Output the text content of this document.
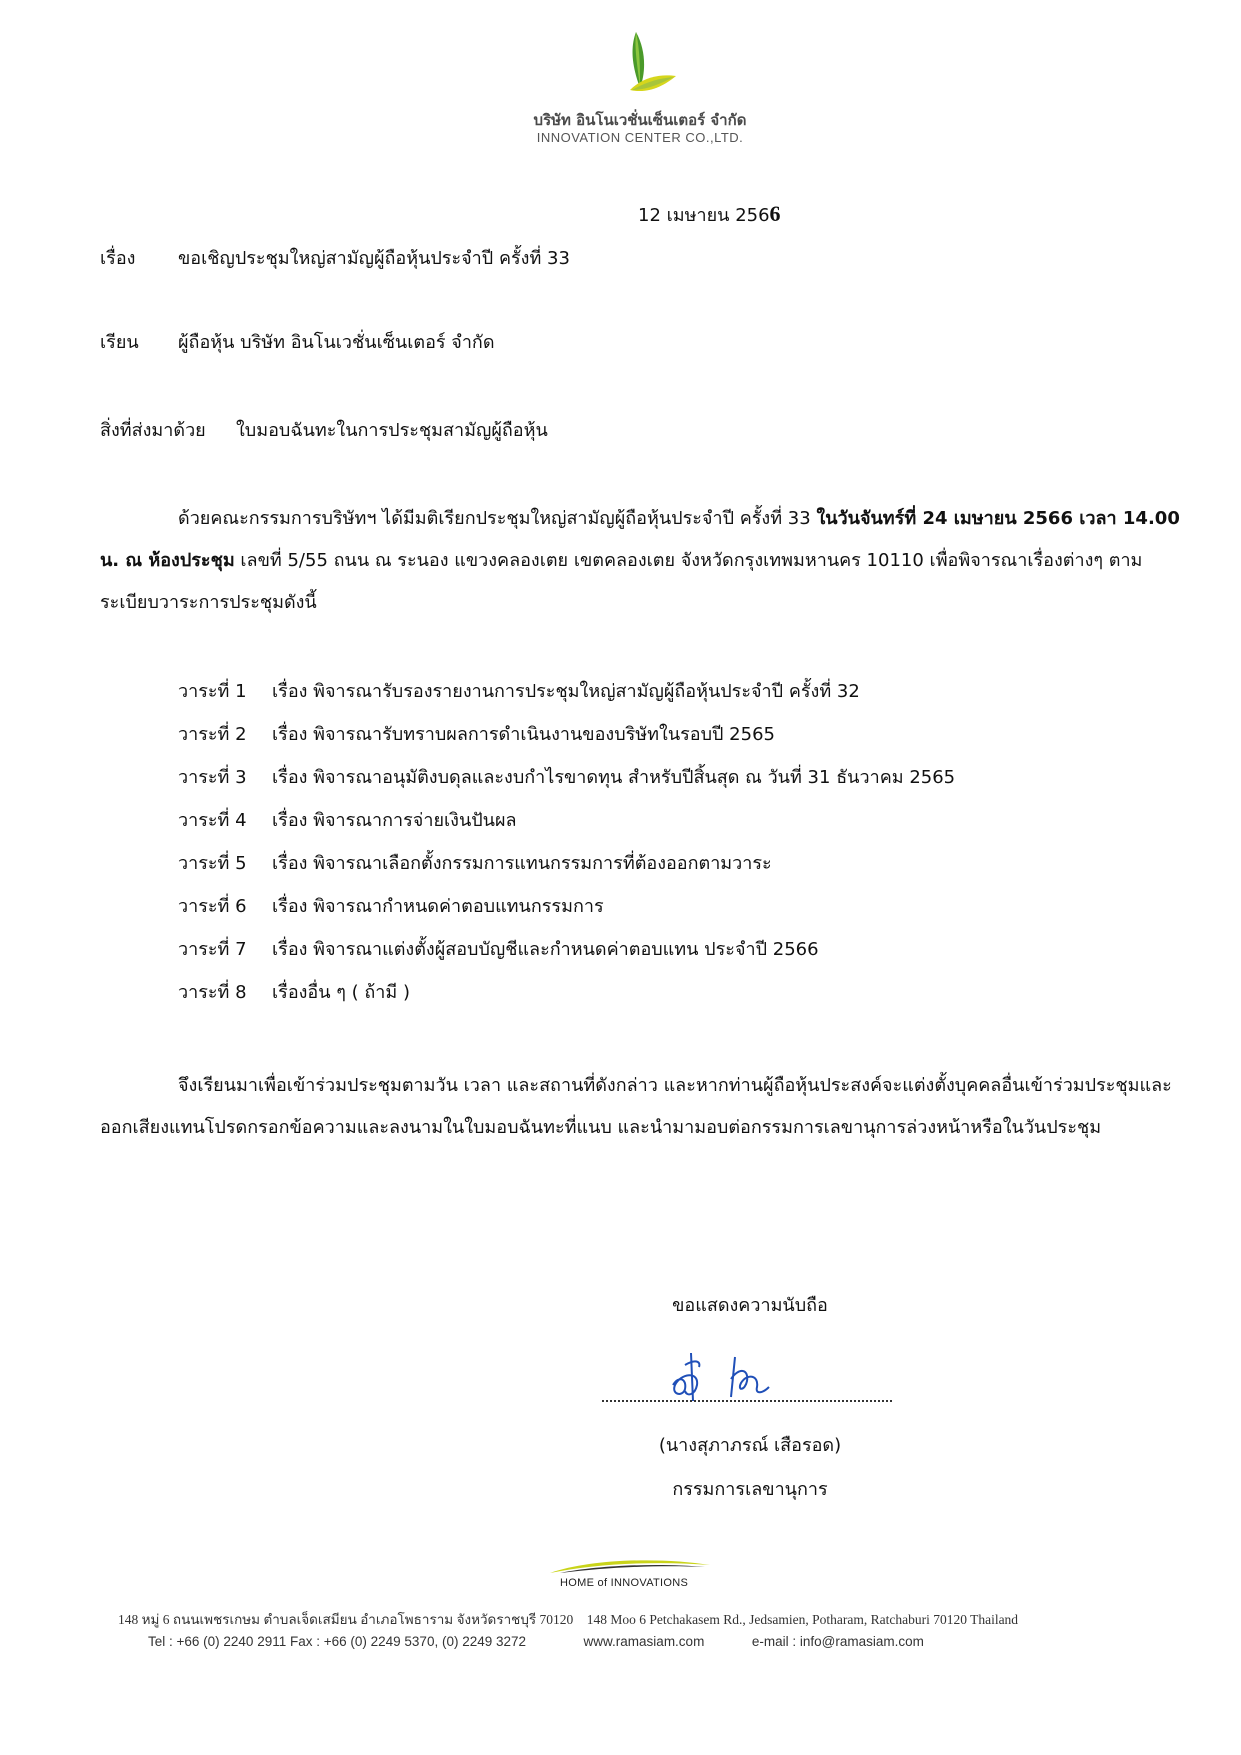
บริษัท อินโนเวชั่นเซ็นเตอร์ จำกัด
INNOVATION CENTER CO.,LTD.
12 เมษายน 2566
เรื่อง ขอเชิญประชุมใหญ่สามัญผู้ถือหุ้นประจำปี ครั้งที่ 33
เรียน ผู้ถือหุ้น บริษัท อินโนเวชั่นเซ็นเตอร์ จำกัด
สิ่งที่ส่งมาด้วย ใบมอบฉันทะในการประชุมสามัญผู้ถือหุ้น
ด้วยคณะกรรมการบริษัทฯ ได้มีมติเรียกประชุมใหญ่สามัญผู้ถือหุ้นประจำปี ครั้งที่ 33 ในวันจันทร์ที่ 24 เมษายน 2566 เวลา 14.00 น. ณ ห้องประชุม เลขที่ 5/55 ถนน ณ ระนอง แขวงคลองเตย เขตคลองเตย จังหวัดกรุงเทพมหานคร 10110 เพื่อพิจารณาเรื่องต่างๆ ตามระเบียบวาระการประชุมดังนี้
วาระที่ 1 เรื่อง พิจารณารับรองรายงานการประชุมใหญ่สามัญผู้ถือหุ้นประจำปี ครั้งที่ 32
วาระที่ 2 เรื่อง พิจารณารับทราบผลการดำเนินงานของบริษัทในรอบปี 2565
วาระที่ 3 เรื่อง พิจารณาอนุมัติงบดุลและงบกำไรขาดทุน สำหรับปีสิ้นสุด ณ วันที่ 31 ธันวาคม 2565
วาระที่ 4 เรื่อง พิจารณาการจ่ายเงินปันผล
วาระที่ 5 เรื่อง พิจารณาเลือกตั้งกรรมการแทนกรรมการที่ต้องออกตามวาระ
วาระที่ 6 เรื่อง พิจารณากำหนดค่าตอบแทนกรรมการ
วาระที่ 7 เรื่อง พิจารณาแต่งตั้งผู้สอบบัญชีและกำหนดค่าตอบแทน ประจำปี 2566
วาระที่ 8 เรื่องอื่น ๆ ( ถ้ามี )
จึงเรียนมาเพื่อเข้าร่วมประชุมตามวัน เวลา และสถานที่ดังกล่าว และหากท่านผู้ถือหุ้นประสงค์จะแต่งตั้งบุคคลอื่นเข้าร่วมประชุมและออกเสียงแทนโปรดกรอกข้อความและลงนามในใบมอบฉันทะที่แนบ และนำมามอบต่อกรรมการเลขานุการล่วงหน้าหรือในวันประชุม
ขอแสดงความนับถือ
(นางสุภาภรณ์ เสือรอด)
กรรมการเลขานุการ
HOME of INNOVATIONS
148 หมู่ 6 ถนนเพชรเกษม ตำบลเจ็ดเสมียน อำเภอโพธาราม จังหวัดราชบุรี 70120 148 Moo 6 Petchakasem Rd., Jedsamien, Potharam, Ratchaburi 70120 Thailand
Tel : +66 (0) 2240 2911 Fax : +66 (0) 2249 5370, (0) 2249 3272	www.ramasiam.com	e-mail : info@ramasiam.com
